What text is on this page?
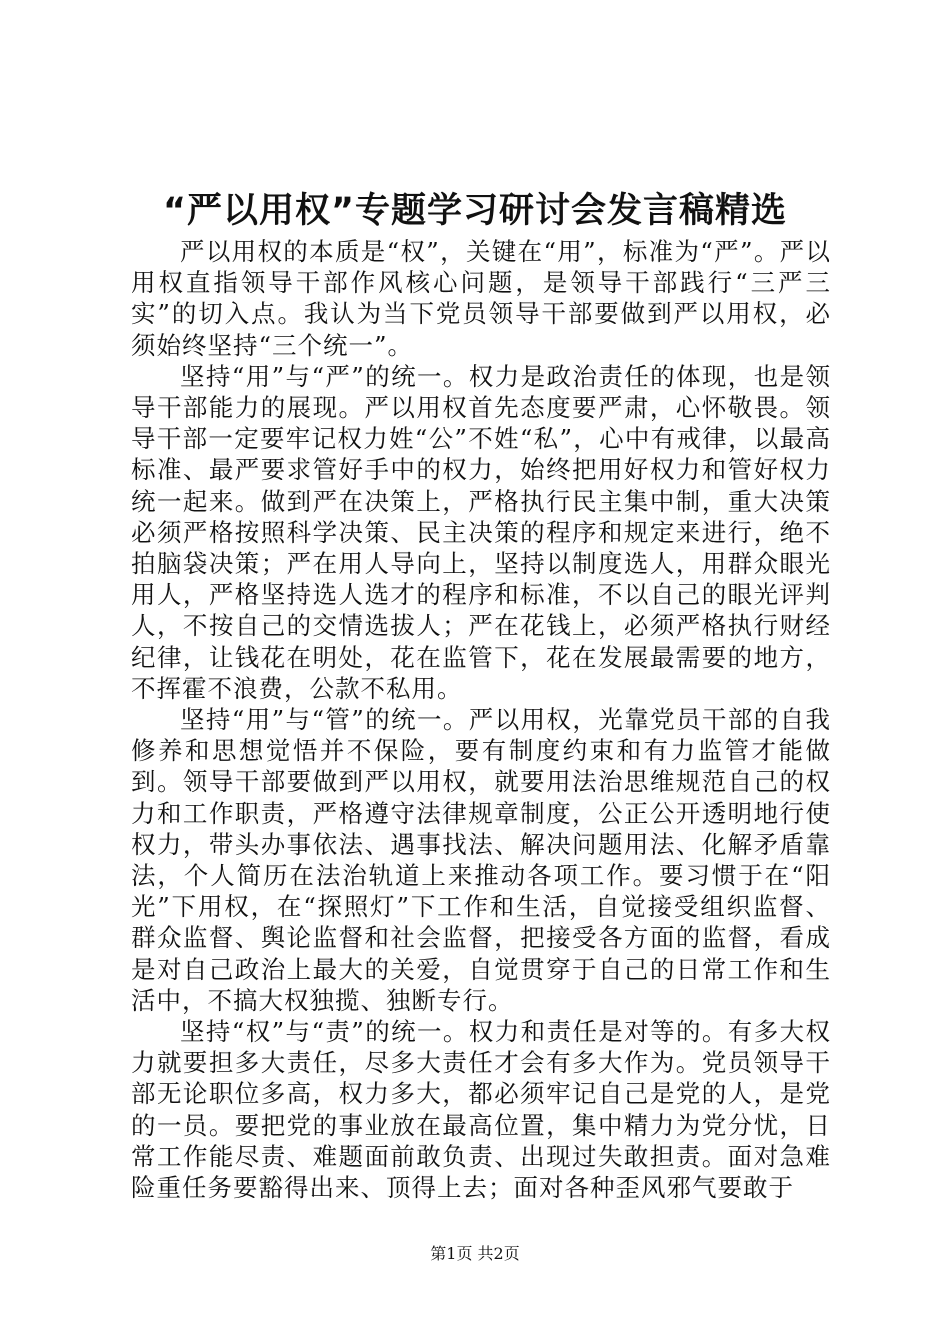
“严以用权”专题学习研讨会发言稿精选

严以用权的本质是“权”，关键在“用”，标准为“严”。严以用权直指领导干部作风核心问题，是领导干部践行“三严三实”的切入点。我认为当下党员领导干部要做到严以用权，必须始终坚持“三个统一”。

坚持“用”与“严”的统一。权力是政治责任的体现，也是领导干部能力的展现。严以用权首先态度要严肃，心怀敬畏。领导干部一定要牢记权力姓“公”不姓“私”，心中有戒律，以最高标准、最严要求管好手中的权力，始终把用好权力和管好权力统一起来。做到严在决策上，严格执行民主集中制，重大决策必须严格按照科学决策、民主决策的程序和规定来进行，绝不拍脑袋决策；严在用人导向上，坚持以制度选人，用群众眼光用人，严格坚持选人选才的程序和标准，不以自己的眼光评判人，不按自己的交情选拔人；严在花钱上，必须严格执行财经纪律，让钱花在明处，花在监管下，花在发展最需要的地方，不挥霍不浪费，公款不私用。

坚持“用”与“管”的统一。严以用权，光靠党员干部的自我修养和思想觉悟并不保险，要有制度约束和有力监管才能做到。领导干部要做到严以用权，就要用法治思维规范自己的权力和工作职责，严格遵守法律规章制度，公正公开透明地行使权力，带头办事依法、遇事找法、解决问题用法、化解矛盾靠法，个人简历在法治轨道上来推动各项工作。要习惯于在“阳光”下用权，在“探照灯”下工作和生活，自觉接受组织监督、群众监督、舆论监督和社会监督，把接受各方面的监督，看成是对自己政治上最大的关爱，自觉贯穿于自己的日常工作和生活中，不搞大权独揽、独断专行。

坚持“权”与“责”的统一。权力和责任是对等的。有多大权力就要担多大责任，尽多大责任才会有多大作为。党员领导干部无论职位多高，权力多大，都必须牢记自己是党的人，是党的一员。要把党的事业放在最高位置，集中精力为党分忧，日常工作能尽责、难题面前敢负责、出现过失敢担责。面对急难险重任务要豁得出来、顶得上去；面对各种歪风邪气要敢于

第1页 共2页
